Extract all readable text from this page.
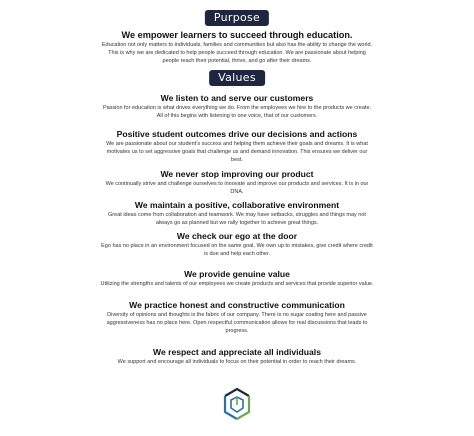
Purpose
We empower learners to succeed through education.
Education not only matters to individuals, families and communities but also has the ability to change the world. This is why we are dedicated to help people succeed through education. We are passionate about helping people reach their potential, thrive, and go after their dreams.
Values
We listen to and serve our customers
Passion for education is what drives everything we do. From the employees we hire to the products we create. All of this begins with listening to one voice, that of our customers.
Positive student outcomes drive our decisions and actions
We are passionate about our student’s success and helping them achieve their goals and dreams. It is what motivates us to set aggressive goals that challenge us and demand innovation. This ensures we deliver our best.
We never stop improving our product
We continually strive and challenge ourselves to innovate and improve our products and services. It is in our DNA.
We maintain a positive, collaborative environment
Great ideas come from collaboration and teamwork. We may have setbacks, struggles and things may not always go as planned but we rally together to achieve great things.
We check our ego at the door
Ego has no place in an environment focused on the same goal. We own up to mistakes, give credit where credit is due and help each other.
We provide genuine value
Utilizing the strengths and talents of our employees we create products and services that provide superior value.
We practice honest and constructive communication
Diversity of opinions and thoughts is the fabric of our company. There is no sugar coating here and passive aggressiveness has no place here. Open respectful communication allows for real discussions that leads to progress.
We respect and appreciate all individuals
We support and encourage all individuals to focus on their potential in order to reach their dreams.
